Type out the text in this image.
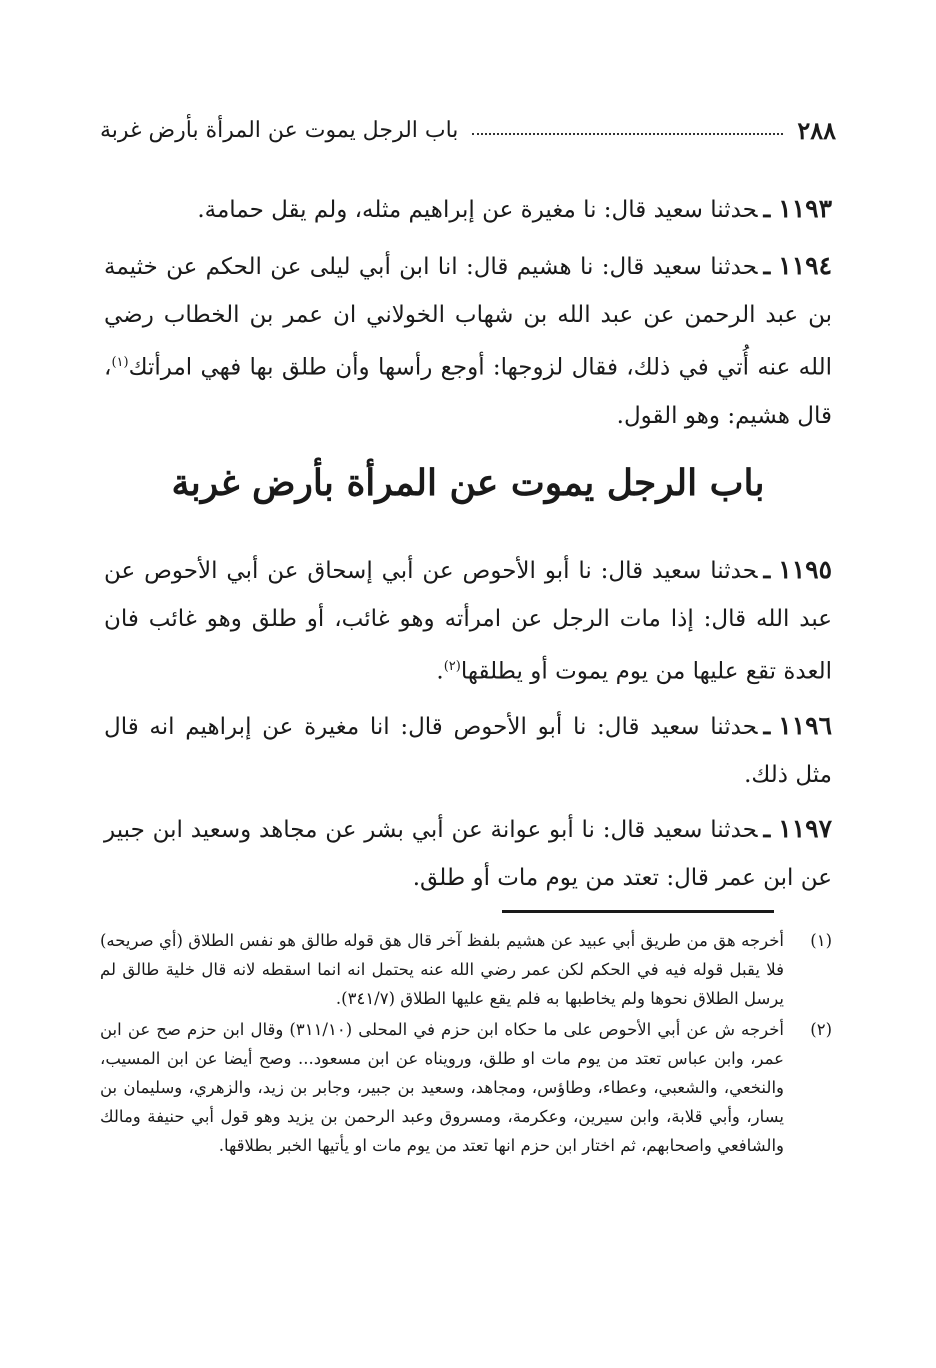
٢٨٨
باب الرجل يموت عن المرأة بأرض غربة

١١٩٣ـحدثنا سعيد قال: نا مغيرة عن إبراهيم مثله، ولم يقل حمامة.

١١٩٤ـحدثنا سعيد قال: نا هشيم قال: انا ابن أبي ليلى عن الحكم عن خثيمة بن عبد الرحمن عن عبد الله بن شهاب الخولاني ان عمر بن الخطاب رضي الله عنه أُتي في ذلك، فقال لزوجها: أوجع رأسها وأن طلق بها فهي امرأتك$^{(١)}$، قال هشيم: وهو القول.

باب الرجل يموت عن المرأة بأرض غربة

١١٩٥ـحدثنا سعيد قال: نا أبو الأحوص عن أبي إسحاق عن أبي الأحوص عن عبد الله قال: إذا مات الرجل عن امرأته وهو غائب، أو طلق وهو غائب فان العدة تقع عليها من يوم يموت أو يطلقها$^{(٢)}$.

١١٩٦ـحدثنا سعيد قال: نا أبو الأحوص قال: انا مغيرة عن إبراهيم انه قال مثل ذلك.

١١٩٧ـحدثنا سعيد قال: نا أبو عوانة عن أبي بشر عن مجاهد وسعيد ابن جبير عن ابن عمر قال: تعتد من يوم مات أو طلق.

(١)
أخرجه هق من طريق أبي عبيد عن هشيم بلفظ آخر قال هق قوله طالق هو نفس الطلاق (أي صريحه) فلا يقبل قوله فيه في الحكم لكن عمر رضي الله عنه يحتمل انه انما اسقطه لانه قال خلية طالق لم يرسل الطلاق نحوها ولم يخاطبها به فلم يقع عليها الطلاق (٣٤١/٧).
(٢)
أخرجه ش عن أبي الأحوص على ما حكاه ابن حزم في المحلى (٣١١/١٠) وقال ابن حزم صح عن ابن عمر، وابن عباس تعتد من يوم مات او طلق، ورويناه عن ابن مسعود... وصح أيضا عن ابن المسيب، والنخعي، والشعبي، وعطاء، وطاؤس، ومجاهد، وسعيد بن جبير، وجابر بن زيد، والزهري، وسليمان بن يسار، وأبي قلابة، وابن سيرين، وعكرمة، ومسروق وعبد الرحمن بن يزيد وهو قول أبي حنيفة ومالك والشافعي واصحابهم، ثم اختار ابن حزم انها تعتد من يوم مات او يأتيها الخبر بطلاقها.
